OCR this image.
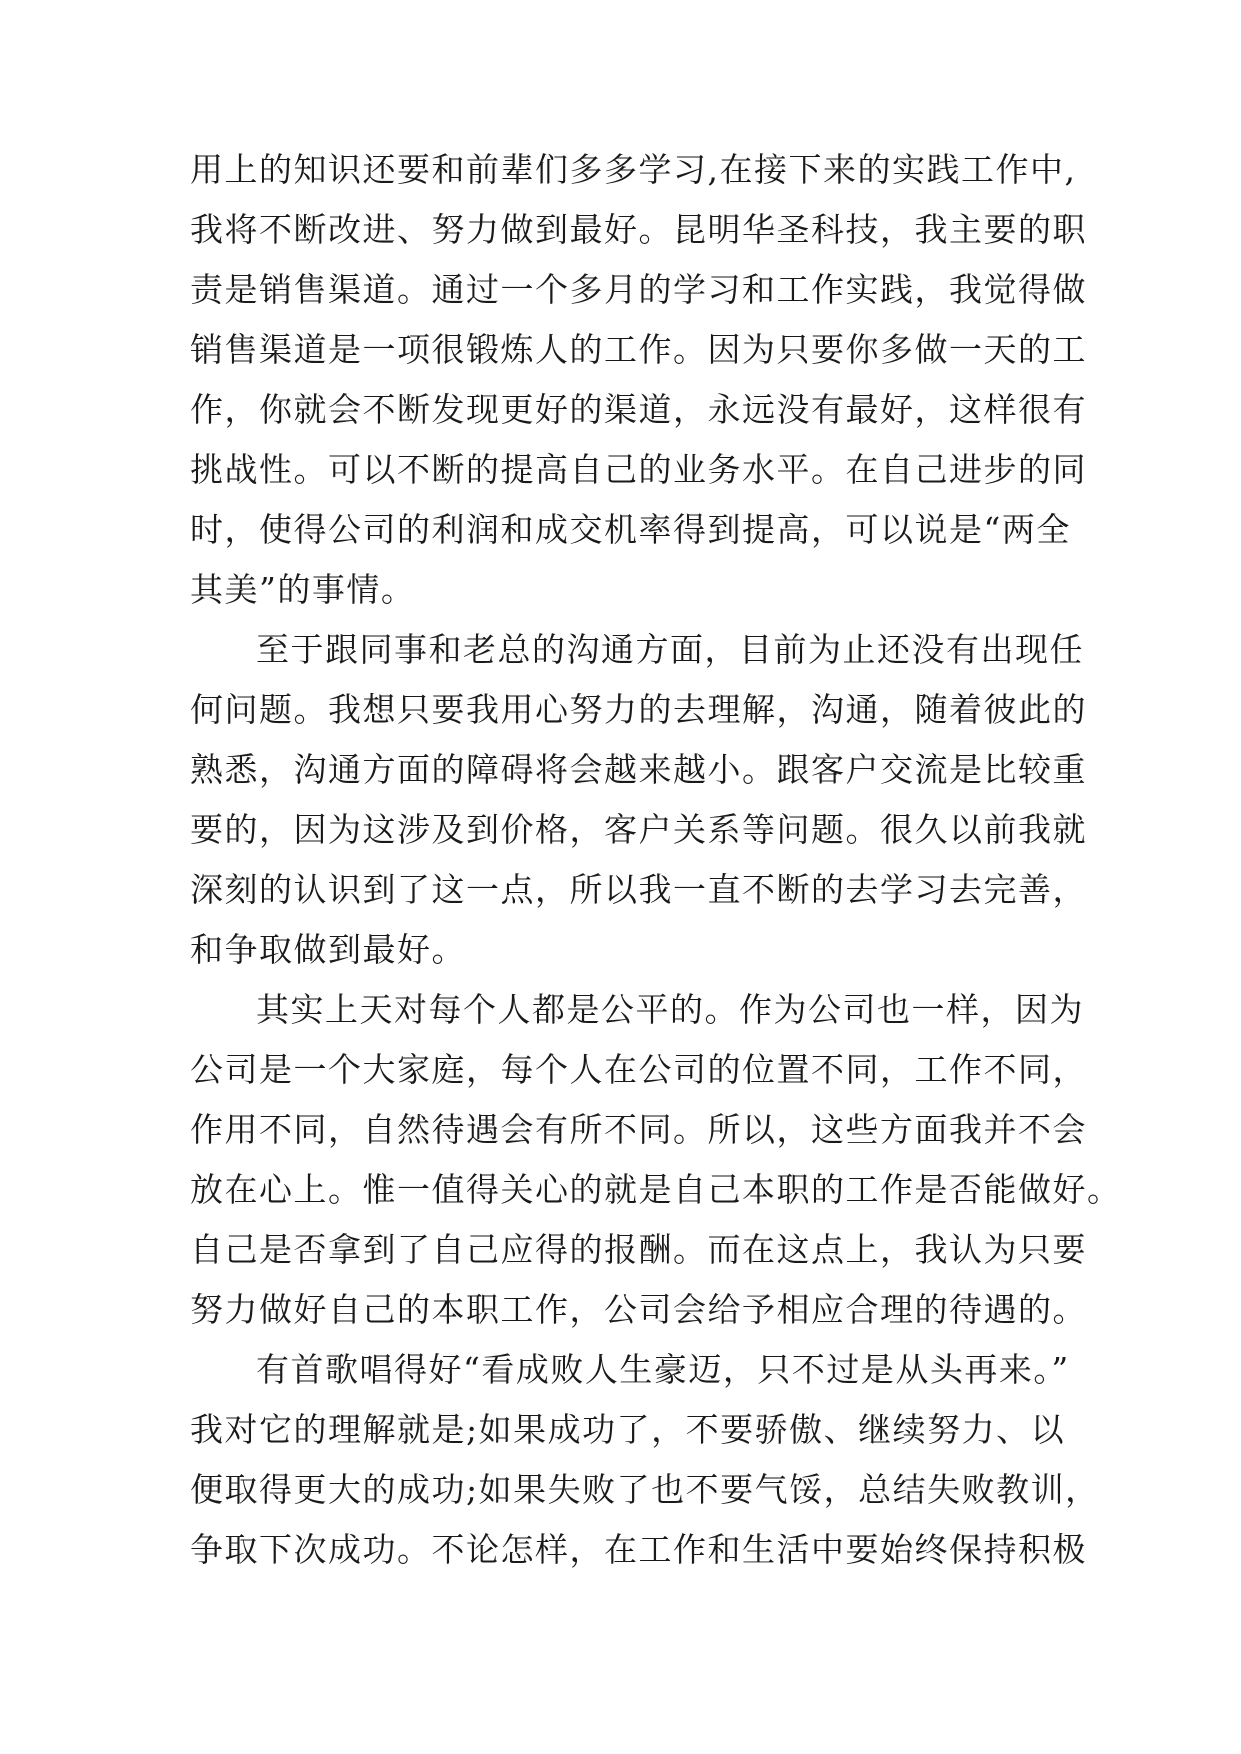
用上的知识还要和前辈们多多学习,在接下来的实践工作中,
我将不断改进、努力做到最好。昆明华圣科技，我主要的职
责是销售渠道。通过一个多月的学习和工作实践，我觉得做
销售渠道是一项很锻炼人的工作。因为只要你多做一天的工
作，你就会不断发现更好的渠道，永远没有最好，这样很有
挑战性。可以不断的提高自己的业务水平。在自己进步的同
时，使得公司的利润和成交机率得到提高，可以说是“两全
其美”的事情。
至于跟同事和老总的沟通方面，目前为止还没有出现任
何问题。我想只要我用心努力的去理解，沟通，随着彼此的
熟悉，沟通方面的障碍将会越来越小。跟客户交流是比较重
要的，因为这涉及到价格，客户关系等问题。很久以前我就
深刻的认识到了这一点，所以我一直不断的去学习去完善，
和争取做到最好。
其实上天对每个人都是公平的。作为公司也一样，因为
公司是一个大家庭，每个人在公司的位置不同，工作不同，
作用不同，自然待遇会有所不同。所以，这些方面我并不会
放在心上。惟一值得关心的就是自己本职的工作是否能做好。
自己是否拿到了自己应得的报酬。而在这点上，我认为只要
努力做好自己的本职工作，公司会给予相应合理的待遇的。
有首歌唱得好“看成败人生豪迈，只不过是从头再来。”
我对它的理解就是;如果成功了，不要骄傲、继续努力、以
便取得更大的成功;如果失败了也不要气馁，总结失败教训，
争取下次成功。不论怎样，在工作和生活中要始终保持积极
